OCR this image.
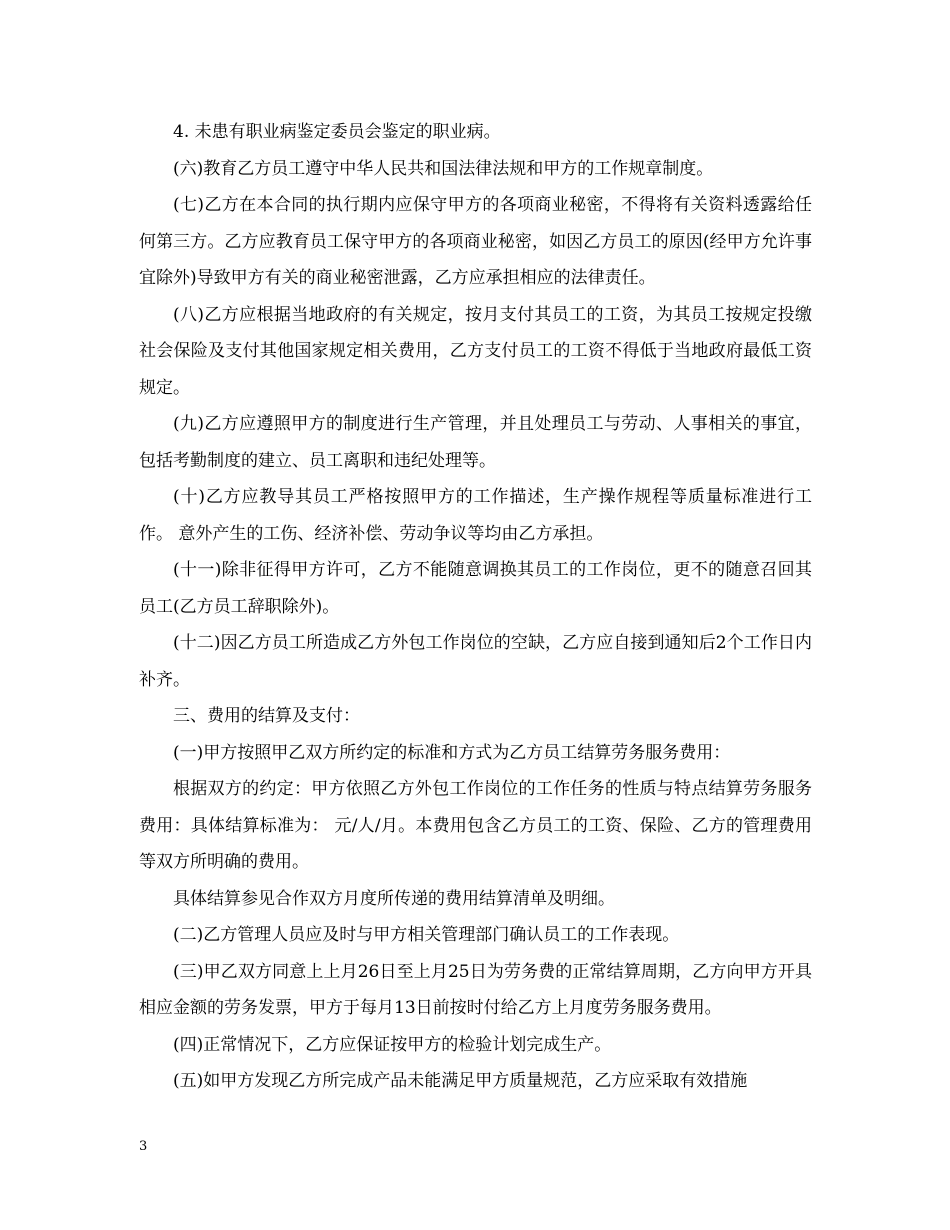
4. 未患有职业病鉴定委员会鉴定的职业病。

(六)教育乙方员工遵守中华人民共和国法律法规和甲方的工作规章制度。

(七)乙方在本合同的执行期内应保守甲方的各项商业秘密，不得将有关资料透露给任何第三方。乙方应教育员工保守甲方的各项商业秘密，如因乙方员工的原因(经甲方允许事宜除外)导致甲方有关的商业秘密泄露，乙方应承担相应的法律责任。

(八)乙方应根据当地政府的有关规定，按月支付其员工的工资，为其员工按规定投缴社会保险及支付其他国家规定相关费用，乙方支付员工的工资不得低于当地政府最低工资规定。

(九)乙方应遵照甲方的制度进行生产管理，并且处理员工与劳动、人事相关的事宜，包括考勤制度的建立、员工离职和违纪处理等。

(十)乙方应教导其员工严格按照甲方的工作描述，生产操作规程等质量标准进行工作。 意外产生的工伤、经济补偿、劳动争议等均由乙方承担。

(十一)除非征得甲方许可，乙方不能随意调换其员工的工作岗位，更不的随意召回其员工(乙方员工辞职除外)。

(十二)因乙方员工所造成乙方外包工作岗位的空缺，乙方应自接到通知后2个工作日内补齐。

三、费用的结算及支付：

(一)甲方按照甲乙双方所约定的标准和方式为乙方员工结算劳务服务费用：

根据双方的约定：甲方依照乙方外包工作岗位的工作任务的性质与特点结算劳务服务费用：具体结算标准为： 元/人/月。本费用包含乙方员工的工资、保险、乙方的管理费用等双方所明确的费用。

具体结算参见合作双方月度所传递的费用结算清单及明细。

(二)乙方管理人员应及时与甲方相关管理部门确认员工的工作表现。

(三)甲乙双方同意上上月26日至上月25日为劳务费的正常结算周期，乙方向甲方开具相应金额的劳务发票，甲方于每月13日前按时付给乙方上月度劳务服务费用。

(四)正常情况下，乙方应保证按甲方的检验计划完成生产。

(五)如甲方发现乙方所完成产品未能满足甲方质量规范，乙方应采取有效措施

3
